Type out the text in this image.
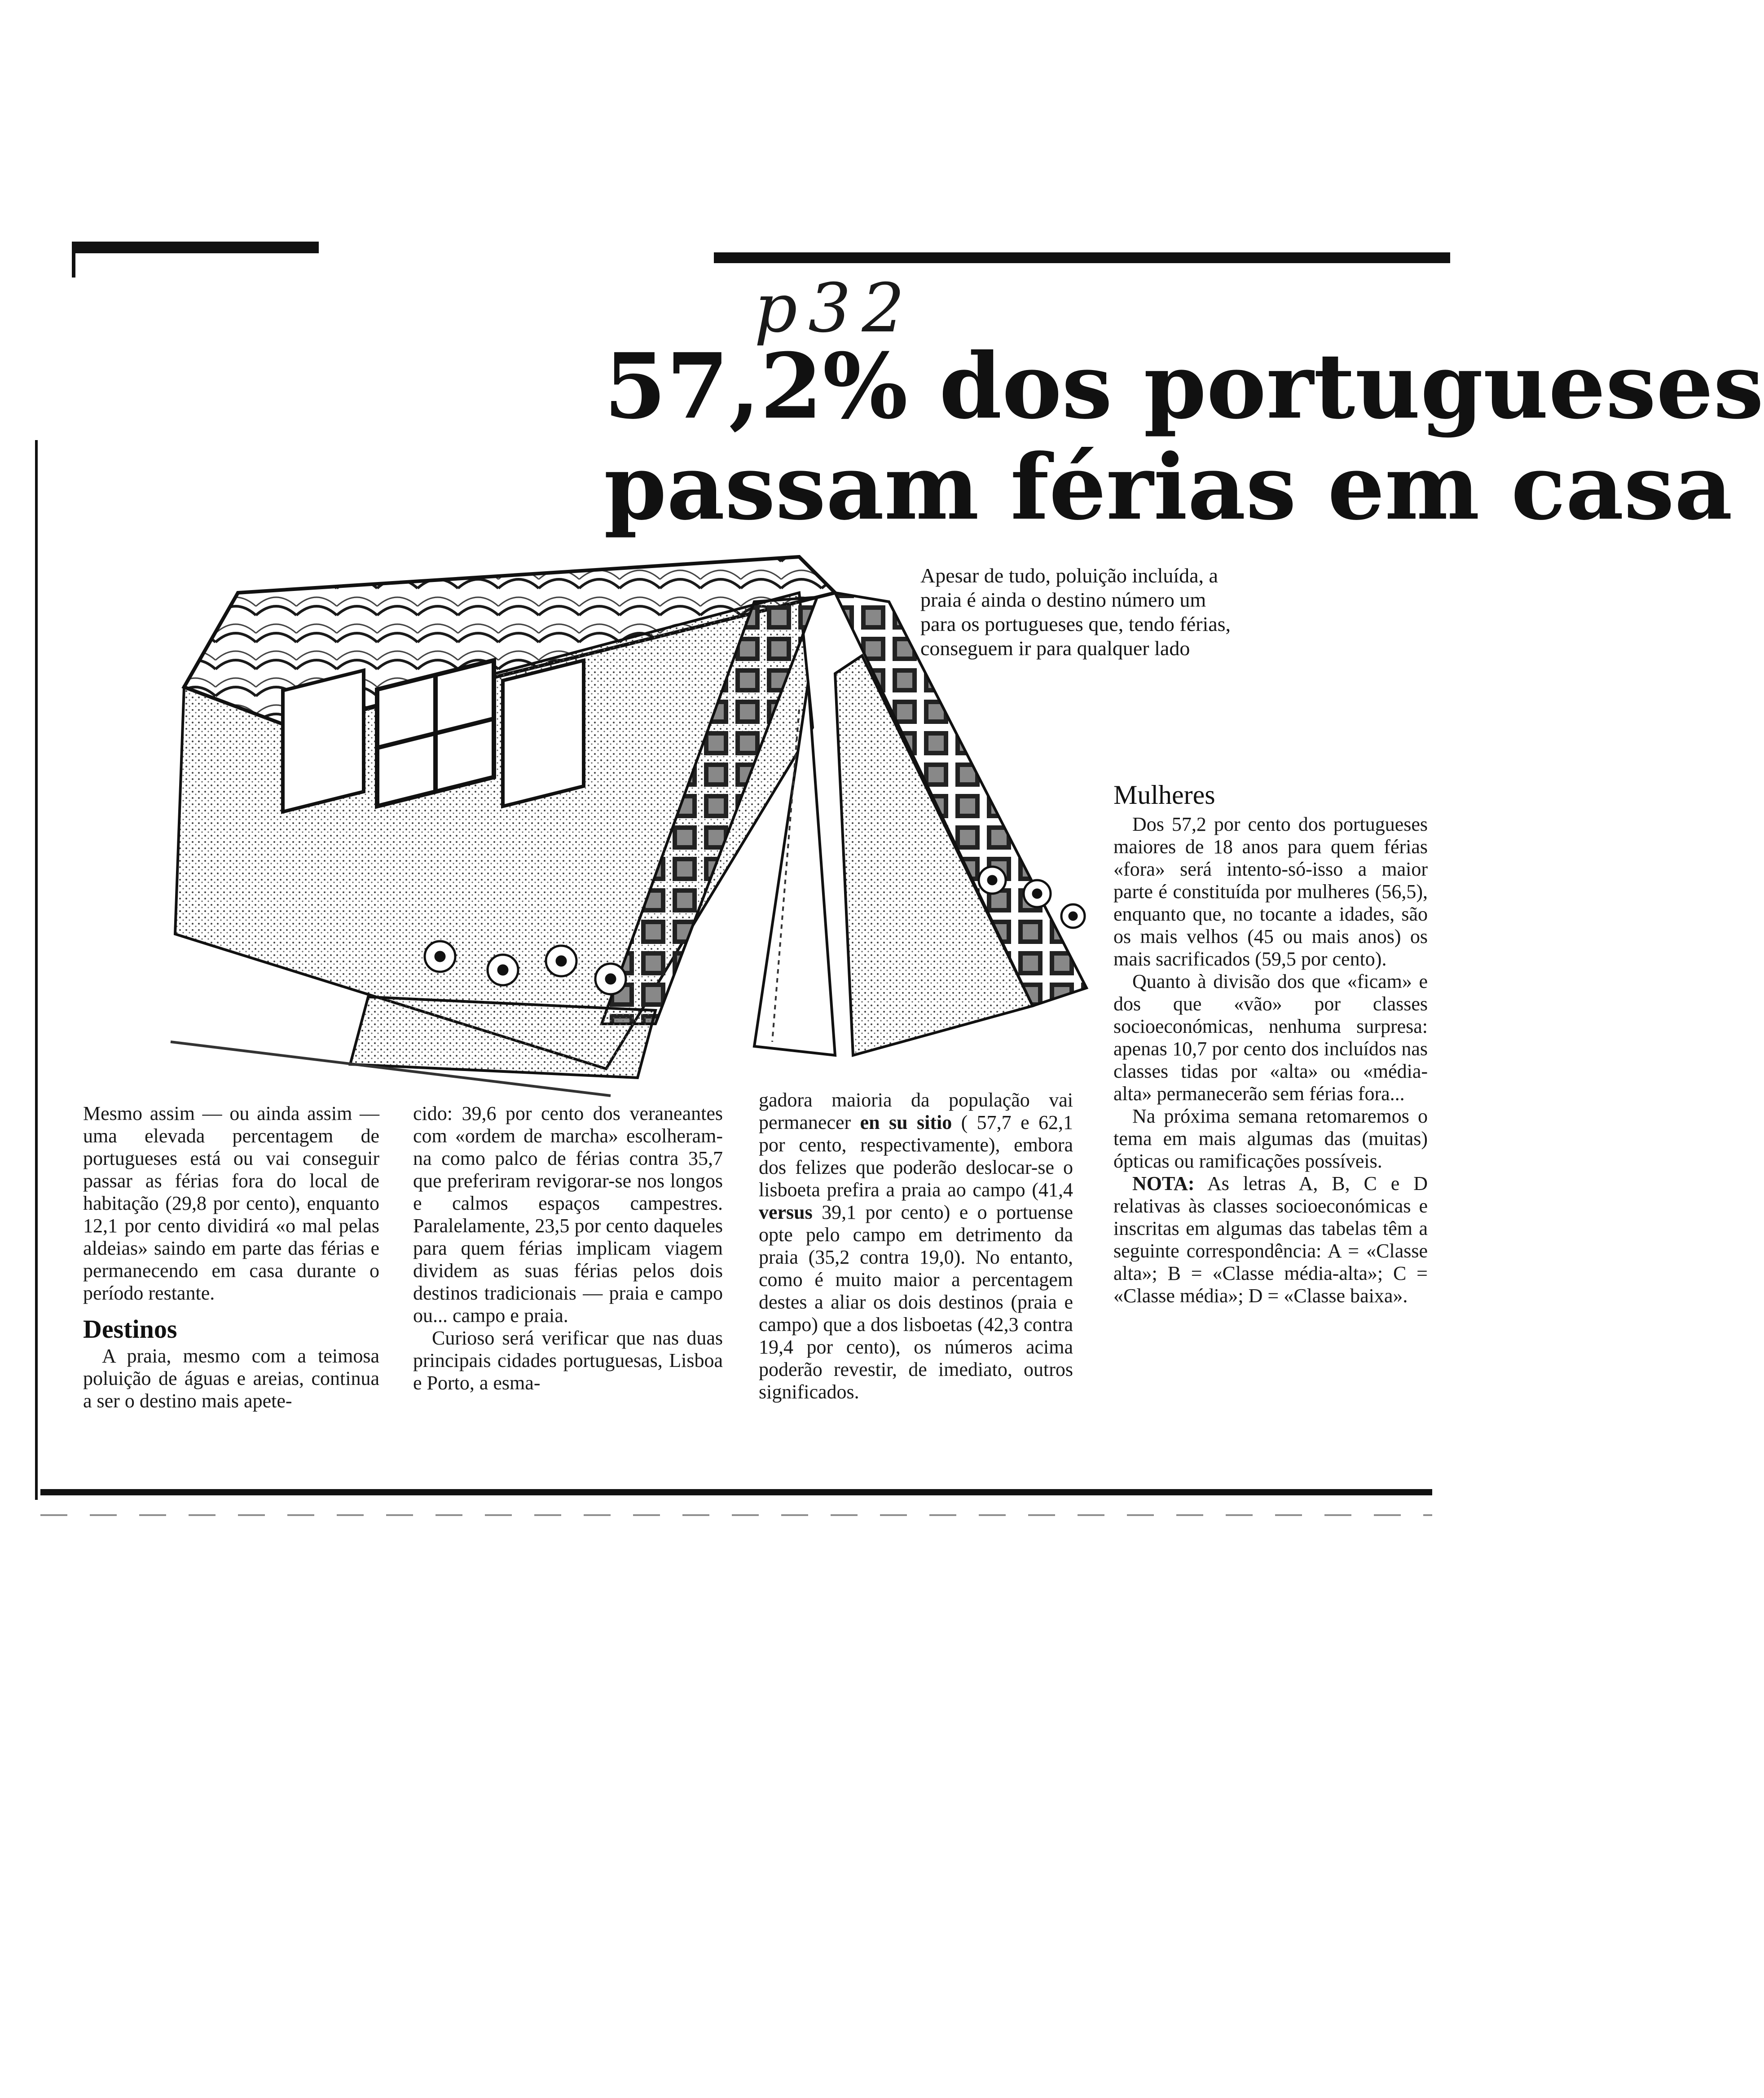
p32
57,2% dos portugueses
passam férias em casa
Apesar de tudo, poluição incluída, a praia é ainda o destino número um para os portugueses que, tendo férias, conseguem ir para qualquer lado

Mesmo assim — ou ainda assim — uma elevada percentagem de portugueses está ou vai conseguir passar as férias fora do local de habitação (29,8 por cento), enquanto 12,1 por cento dividirá «o mal pelas aldeias» saindo em parte das férias e permanecendo em casa durante o período restante.

Destinos

A praia, mesmo com a teimosa poluição de águas e areias, continua a ser o destino mais apete-

cido: 39,6 por cento dos veraneantes com «ordem de marcha» escolheram-na como palco de férias contra 35,7 que preferiram revigorar-se nos longos e calmos espaços campestres. Paralelamente, 23,5 por cento daqueles para quem férias implicam viagem dividem as suas férias pelos dois destinos tradicionais — praia e campo ou... campo e praia.

Curioso será verificar que nas duas principais cidades portuguesas, Lisboa e Porto, a esma-

gadora maioria da população vai permanecer en su sitio ( 57,7 e 62,1 por cento, respectivamente), embora dos felizes que poderão deslocar-se o lisboeta prefira a praia ao campo (41,4 versus 39,1 por cento) e o portuense opte pelo campo em detrimento da praia (35,2 contra 19,0). No entanto, como é muito maior a percentagem destes a aliar os dois destinos (praia e campo) que a dos lisboetas (42,3 contra 19,4 por cento), os números acima poderão revestir, de imediato, outros significados.

Mulheres

Dos 57,2 por cento dos portugueses maiores de 18 anos para quem férias «fora» será intento-só-isso a maior parte é constituída por mulheres (56,5), enquanto que, no tocante a idades, são os mais velhos (45 ou mais anos) os mais sacrificados (59,5 por cento).

Quanto à divisão dos que «ficam» e dos que «vão» por classes socioeconómicas, nenhuma surpresa: apenas 10,7 por cento dos incluídos nas classes tidas por «alta» ou «média-alta» permanecerão sem férias fora...

Na próxima semana retomaremos o tema em mais algumas das (muitas) ópticas ou ramificações possíveis.

NOTA: As letras A, B, C e D relativas às classes socioeconómicas e inscritas em algumas das tabelas têm a seguinte correspondência: A = «Classe alta»; B = «Classe média-alta»; C = «Classe média»; D = «Classe baixa».
